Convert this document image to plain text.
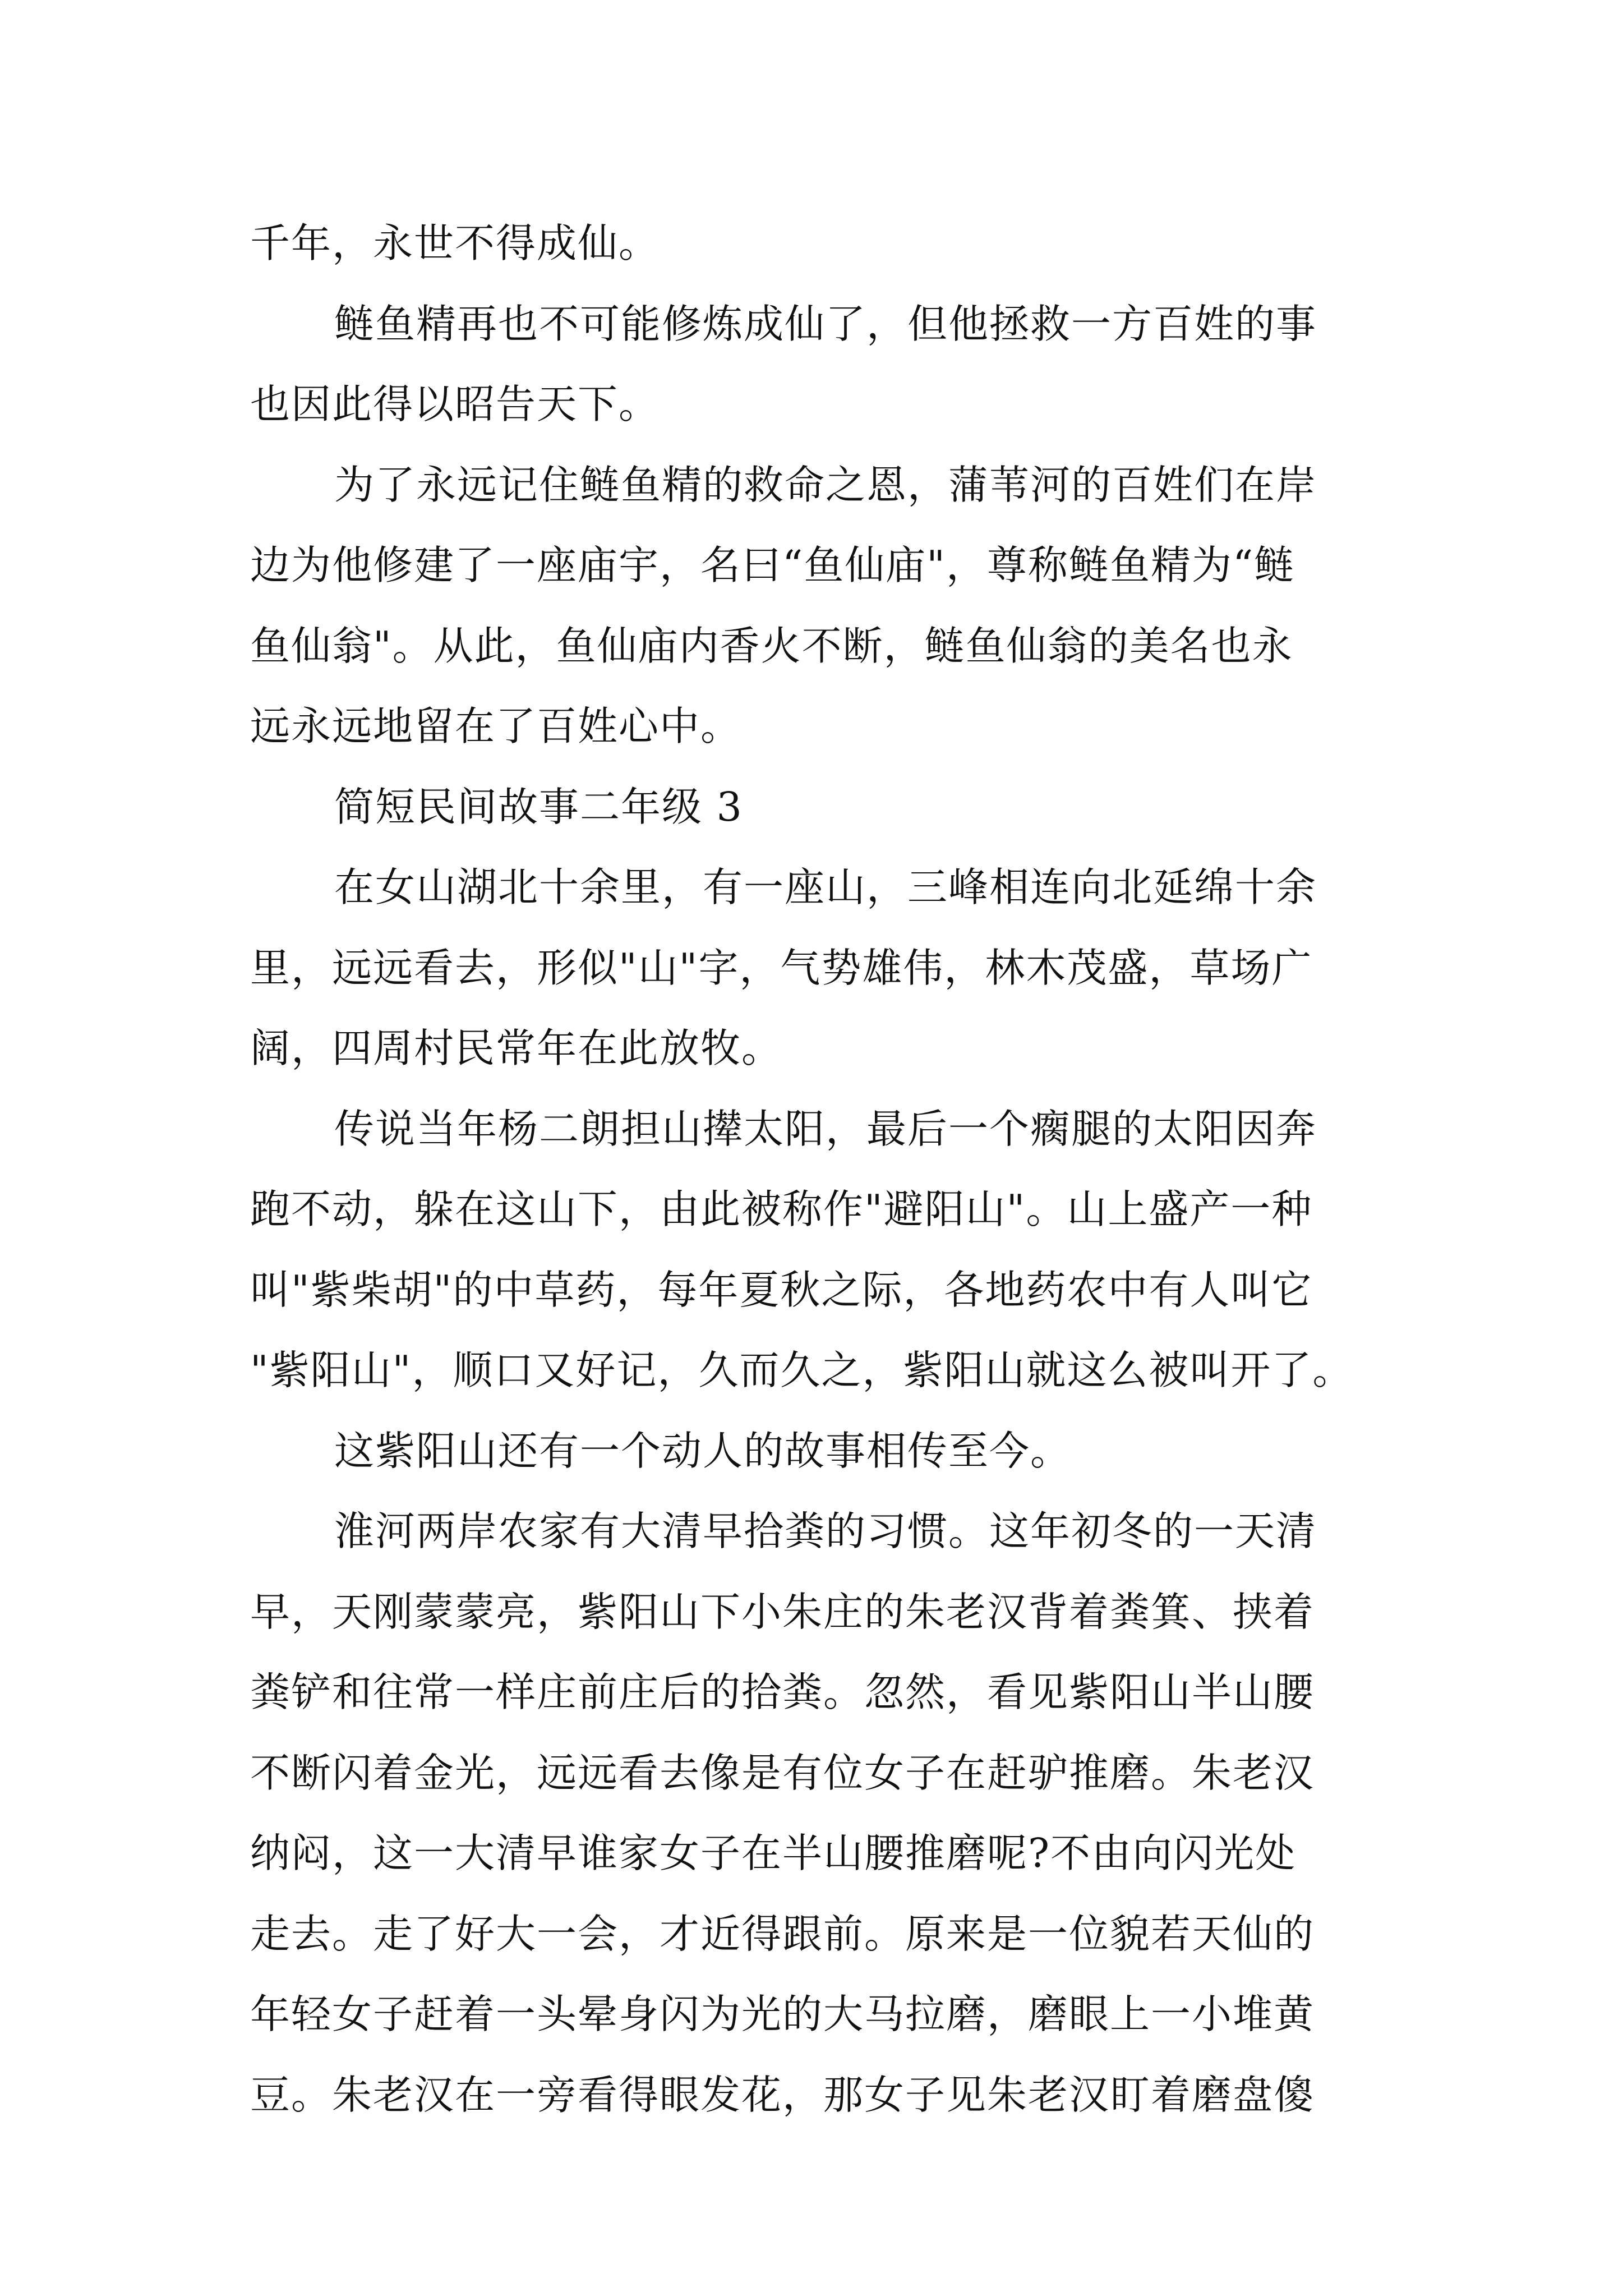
千年，永世不得成仙。
鲢鱼精再也不可能修炼成仙了，但他拯救一方百姓的事
也因此得以昭告天下。
为了永远记住鲢鱼精的救命之恩，蒲苇河的百姓们在岸
边为他修建了一座庙宇，名曰“鱼仙庙"，尊称鲢鱼精为“鲢
鱼仙翁"。从此，鱼仙庙内香火不断，鲢鱼仙翁的美名也永
远永远地留在了百姓心中。
简短民间故事二年级 3
在女山湖北十余里，有一座山，三峰相连向北延绵十余
里，远远看去，形似"山"字，气势雄伟，林木茂盛，草场广
阔，四周村民常年在此放牧。
传说当年杨二朗担山撵太阳，最后一个瘸腿的太阳因奔
跑不动，躲在这山下，由此被称作"避阳山"。山上盛产一种
叫"紫柴胡"的中草药，每年夏秋之际，各地药农中有人叫它
"紫阳山"，顺口又好记，久而久之，紫阳山就这么被叫开了。
这紫阳山还有一个动人的故事相传至今。
淮河两岸农家有大清早拾粪的习惯。这年初冬的一天清
早，天刚蒙蒙亮，紫阳山下小朱庄的朱老汉背着粪箕、挟着
粪铲和往常一样庄前庄后的拾粪。忽然，看见紫阳山半山腰
不断闪着金光，远远看去像是有位女子在赶驴推磨。朱老汉
纳闷，这一大清早谁家女子在半山腰推磨呢?不由向闪光处
走去。走了好大一会，才近得跟前。原来是一位貌若天仙的
年轻女子赶着一头晕身闪为光的大马拉磨，磨眼上一小堆黄
豆。朱老汉在一旁看得眼发花，那女子见朱老汉盯着磨盘傻
